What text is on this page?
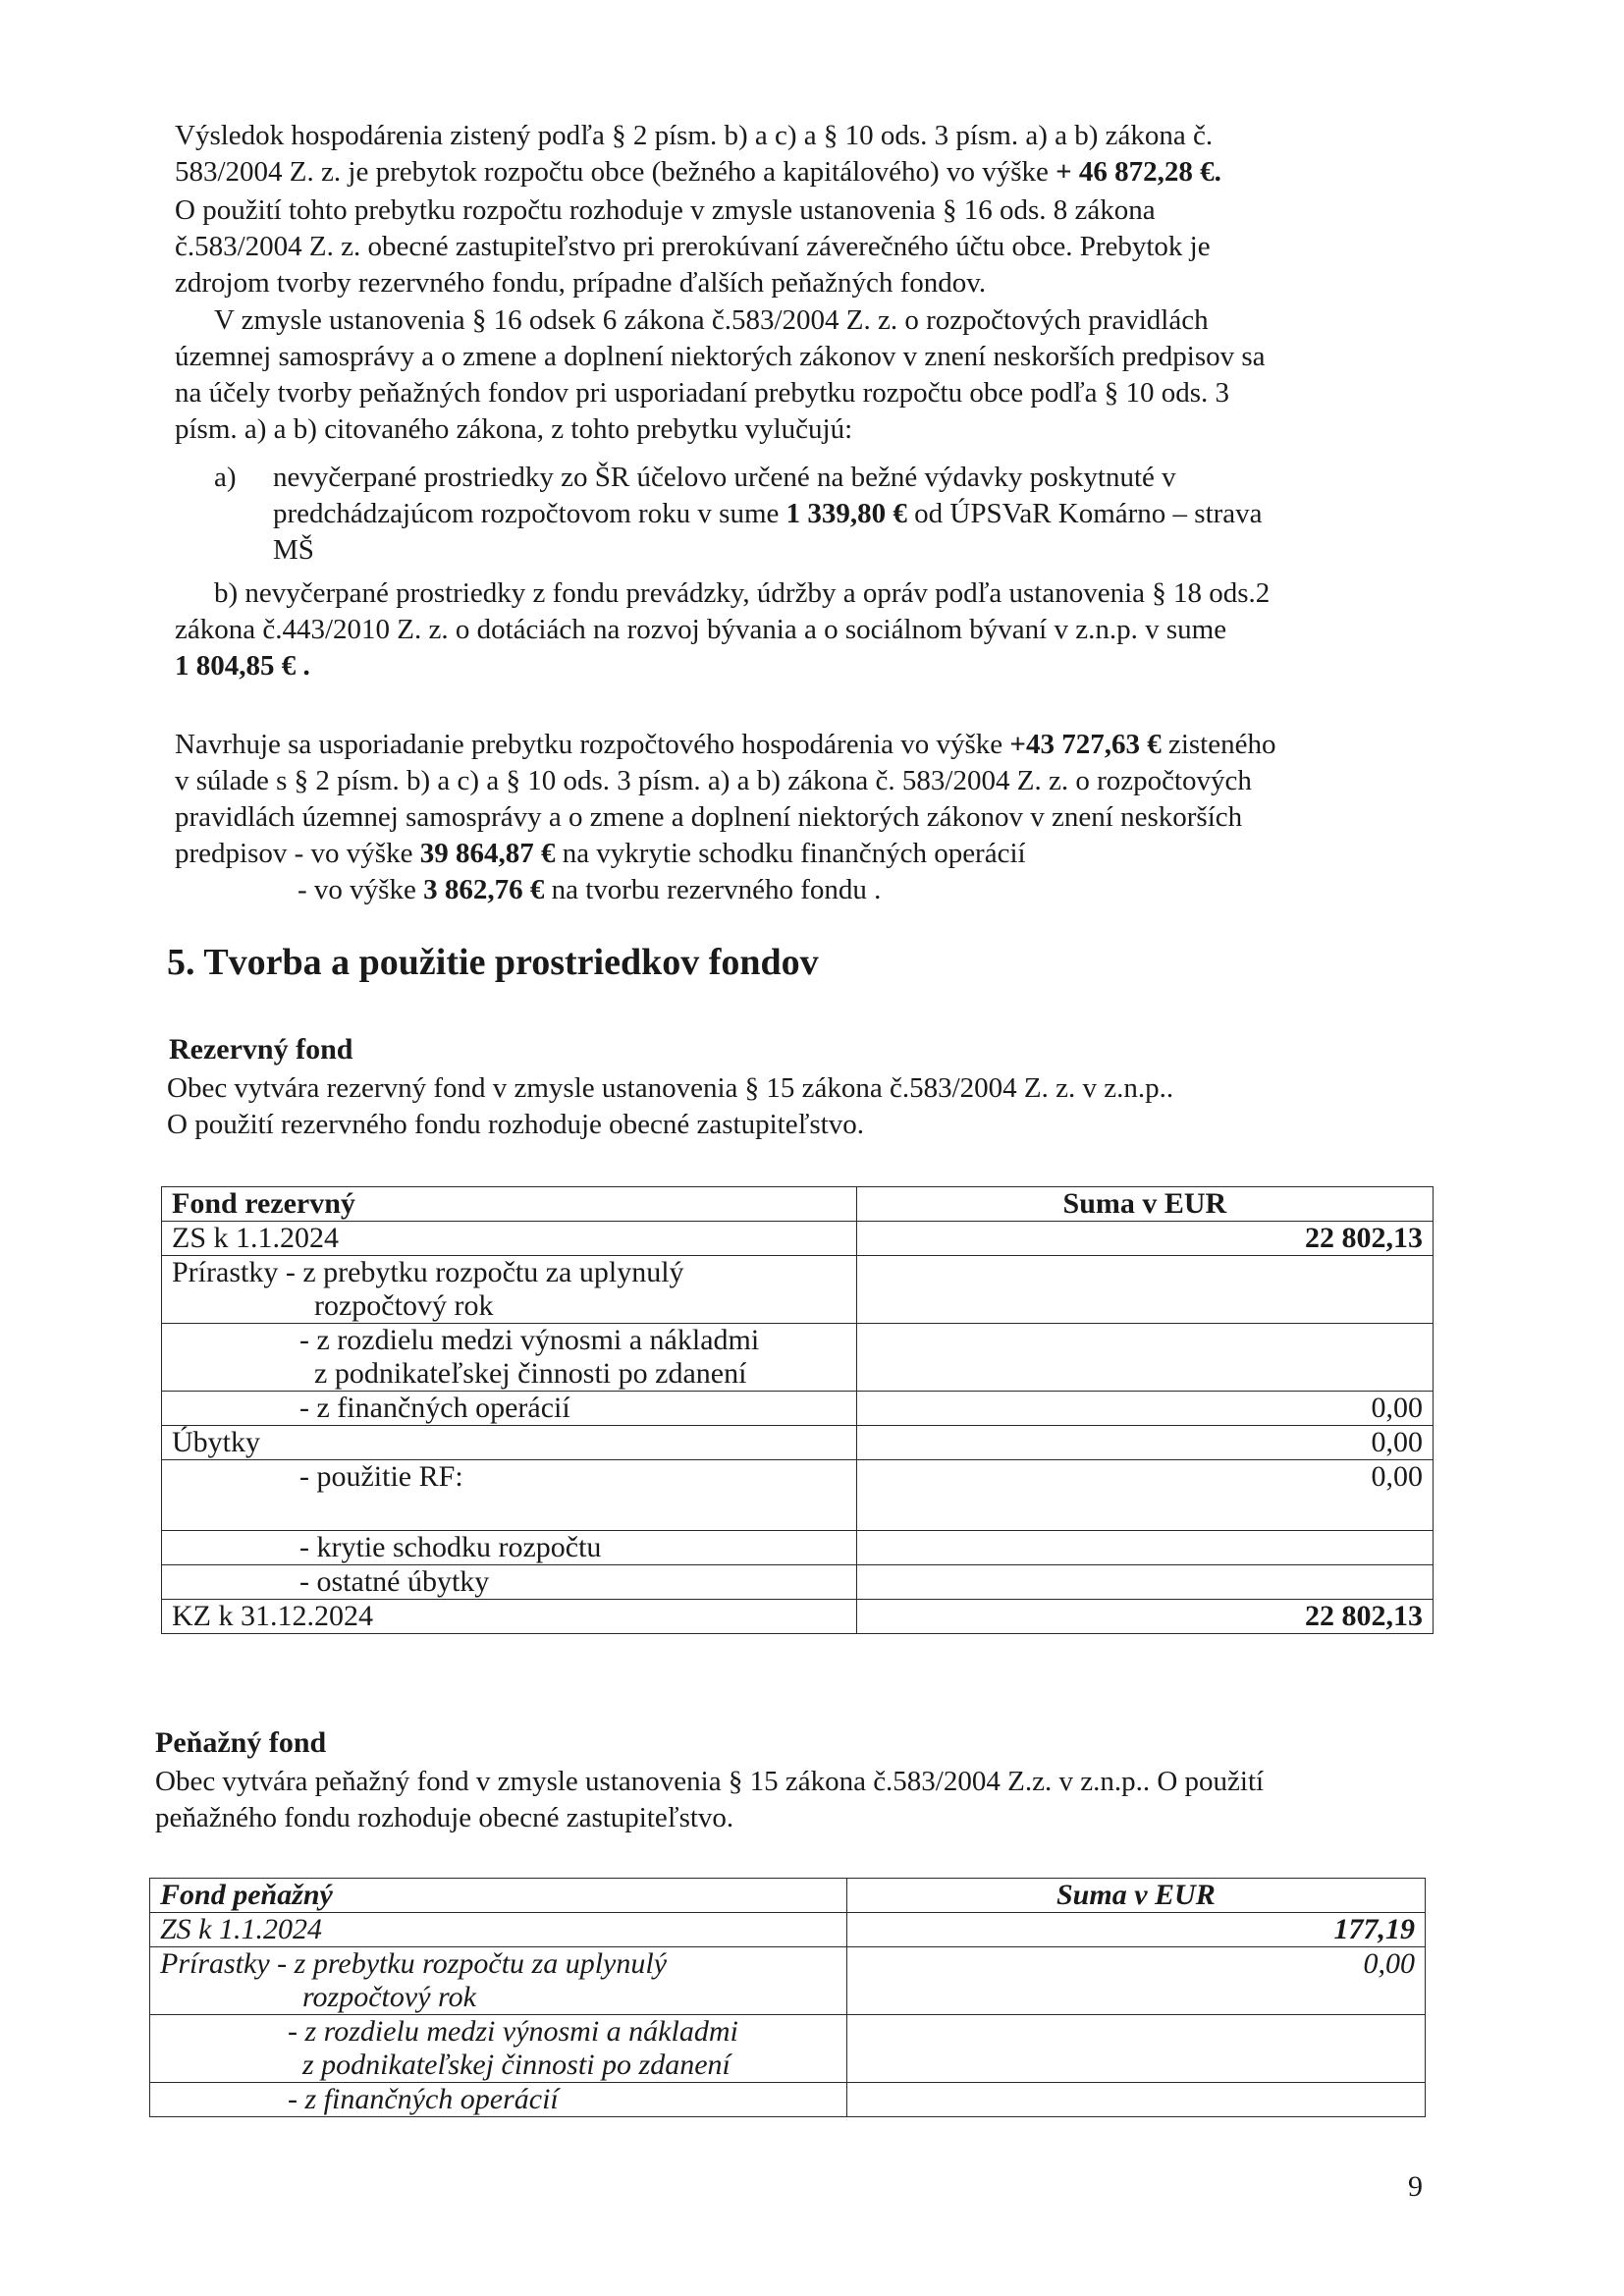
Výsledok hospodárenia zistený podľa § 2 písm. b) a c) a § 10 ods. 3 písm. a) a b) zákona č.
583/2004 Z. z. je prebytok rozpočtu obce (bežného a kapitálového) vo výške + 46 872,28 €.
O použití tohto prebytku rozpočtu rozhoduje v zmysle ustanovenia § 16 ods. 8 zákona
č.583/2004 Z. z. obecné zastupiteľstvo pri prerokúvaní záverečného účtu obce. Prebytok je
zdrojom tvorby rezervného fondu, prípadne ďalších peňažných fondov.
V zmysle ustanovenia § 16 odsek 6 zákona č.583/2004 Z. z. o rozpočtových pravidlách
územnej samosprávy a o zmene a doplnení niektorých zákonov v znení neskorších predpisov sa
na účely tvorby peňažných fondov pri usporiadaní prebytku rozpočtu obce podľa § 10 ods. 3
písm. a) a b) citovaného zákona, z tohto prebytku vylučujú:
a) nevyčerpané prostriedky zo ŠR účelovo určené na bežné výdavky poskytnuté v
predchádzajúcom rozpočtovom roku v sume 1 339,80 € od ÚPSVaR Komárno – strava
MŠ
b) nevyčerpané prostriedky z fondu prevádzky, údržby a opráv podľa ustanovenia § 18 ods.2
zákona č.443/2010 Z. z. o dotáciách na rozvoj bývania a o sociálnom bývaní v z.n.p. v sume
1 804,85 € .
Navrhuje sa usporiadanie prebytku rozpočtového hospodárenia vo výške +43 727,63 € zisteného
v súlade s § 2 písm. b) a c) a § 10 ods. 3 písm. a) a b) zákona č. 583/2004 Z. z. o rozpočtových
pravidlách územnej samosprávy a o zmene a doplnení niektorých zákonov v znení neskorších
predpisov - vo výške 39 864,87 € na vykrytie schodku finančných operácií
- vo výške 3 862,76 € na tvorbu rezervného fondu .
5. Tvorba a použitie prostriedkov fondov
Rezervný fond
Obec vytvára rezervný fond v zmysle ustanovenia § 15 zákona č.583/2004 Z. z. v z.n.p..
O použití rezervného fondu rozhoduje obecné zastupiteľstvo.
Fond rezervný	Suma v EUR
ZS k 1.1.2024	22 802,13

Prírastky - z prebytku rozpočtu za uplynulý
rozpočtový rok	

- z rozdielu medzi výnosmi a nákladmi
z podnikateľskej činnosti po zdanení	

- z finančných operácií	0,00
Úbytky	0,00

- použitie RF:	0,00

- krytie schodku rozpočtu	

- ostatné úbytky	

KZ k 31.12.2024	22 802,13
Peňažný fond
Obec vytvára peňažný fond v zmysle ustanovenia § 15 zákona č.583/2004 Z.z. v z.n.p.. O použití
peňažného fondu rozhoduje obecné zastupiteľstvo.
Fond peňažný	Suma v EUR
ZS k 1.1.2024	177,19

Prírastky - z prebytku rozpočtu za uplynulý
rozpočtový rok	0,00

- z rozdielu medzi výnosmi a nákladmi
z podnikateľskej činnosti po zdanení	

- z finančných operácií	

9
